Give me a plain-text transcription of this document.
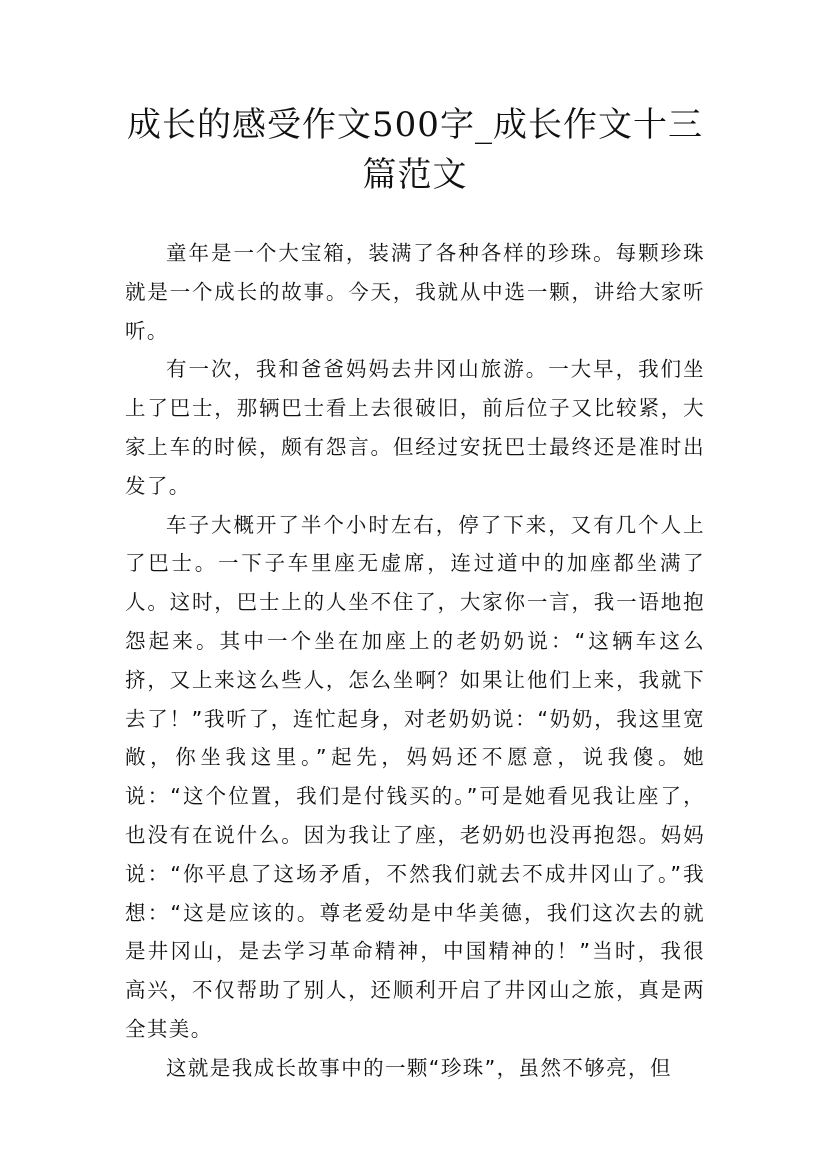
成长的感受作文500字_成长作文十三篇范文

童年是一个大宝箱，装满了各种各样的珍珠。每颗珍珠就是一个成长的故事。今天，我就从中选一颗，讲给大家听听。

有一次，我和爸爸妈妈去井冈山旅游。一大早，我们坐上了巴士，那辆巴士看上去很破旧，前后位子又比较紧，大家上车的时候，颇有怨言。但经过安抚巴士最终还是准时出发了。

车子大概开了半个小时左右，停了下来，又有几个人上了巴士。一下子车里座无虚席，连过道中的加座都坐满了人。这时，巴士上的人坐不住了，大家你一言，我一语地抱怨起来。其中一个坐在加座上的老奶奶说：“这辆车这么挤，又上来这么些人，怎么坐啊？如果让他们上来，我就下去了！”我听了，连忙起身，对老奶奶说：“奶奶，我这里宽敞，你坐我这里。”起先，妈妈还不愿意，说我傻。她说：“这个位置，我们是付钱买的。”可是她看见我让座了，也没有在说什么。因为我让了座，老奶奶也没再抱怨。妈妈说：“你平息了这场矛盾，不然我们就去不成井冈山了。”我想：“这是应该的。尊老爱幼是中华美德，我们这次去的就是井冈山，是去学习革命精神，中国精神的！”当时，我很高兴，不仅帮助了别人，还顺利开启了井冈山之旅，真是两全其美。

这就是我成长故事中的一颗“珍珠”，虽然不够亮，但
